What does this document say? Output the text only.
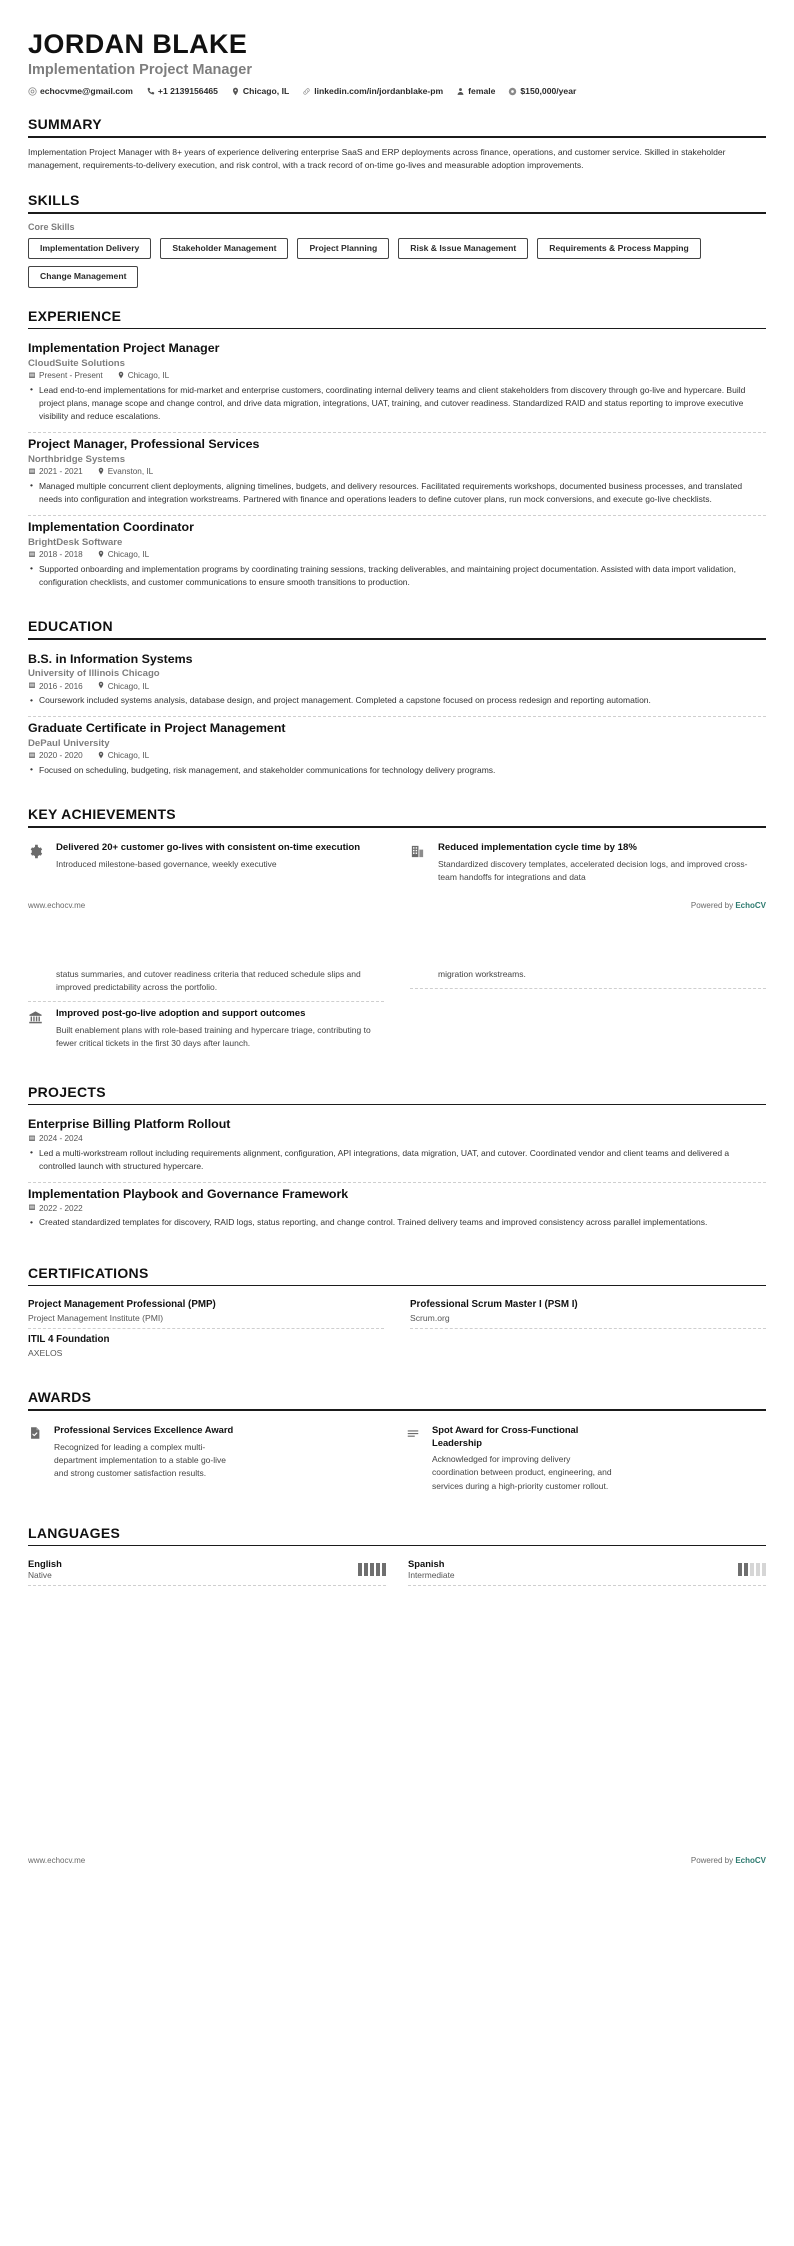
JORDAN BLAKE
Implementation Project Manager
echocvme@gmail.com	+1 2139156465	Chicago, IL	linkedin.com/in/jordanblake-pm	female	$150,000/year
SUMMARY
Implementation Project Manager with 8+ years of experience delivering enterprise SaaS and ERP deployments across finance, operations, and customer service. Skilled in stakeholder management, requirements-to-delivery execution, and risk control, with a track record of on-time go-lives and measurable adoption improvements.
SKILLS
Core Skills
Implementation Delivery	Stakeholder Management	Project Planning	Risk & Issue Management	Requirements & Process Mapping
Change Management
EXPERIENCE
Implementation Project Manager
CloudSuite Solutions
Present - Present	Chicago, IL
• Lead end-to-end implementations for mid-market and enterprise customers, coordinating internal delivery teams and client stakeholders from discovery through go-live and hypercare. Build project plans, manage scope and change control, and drive data migration, integrations, UAT, training, and cutover readiness. Standardized RAID and status reporting to improve executive visibility and reduce escalations.
Project Manager, Professional Services
Northbridge Systems
2021 - 2021	Evanston, IL
• Managed multiple concurrent client deployments, aligning timelines, budgets, and delivery resources. Facilitated requirements workshops, documented business processes, and translated needs into configuration and integration workstreams. Partnered with finance and operations leaders to define cutover plans, run mock conversions, and execute go-live checklists.
Implementation Coordinator
BrightDesk Software
2018 - 2018	Chicago, IL
• Supported onboarding and implementation programs by coordinating training sessions, tracking deliverables, and maintaining project documentation. Assisted with data import validation, configuration checklists, and customer communications to ensure smooth transitions to production.
EDUCATION
B.S. in Information Systems
University of Illinois Chicago
2016 - 2016	Chicago, IL
• Coursework included systems analysis, database design, and project management. Completed a capstone focused on process redesign and reporting automation.
Graduate Certificate in Project Management
DePaul University
2020 - 2020	Chicago, IL
• Focused on scheduling, budgeting, risk management, and stakeholder communications for technology delivery programs.
KEY ACHIEVEMENTS
Delivered 20+ customer go-lives with consistent on-time execution
Introduced milestone-based governance, weekly executive
Reduced implementation cycle time by 18%
Standardized discovery templates, accelerated decision logs, and improved cross-team handoffs for integrations and data
www.echocv.me	Powered by EchoCV
status summaries, and cutover readiness criteria that reduced schedule slips and improved predictability across the portfolio.
Improved post-go-live adoption and support outcomes
Built enablement plans with role-based training and hypercare triage, contributing to fewer critical tickets in the first 30 days after launch.
migration workstreams.
PROJECTS
Enterprise Billing Platform Rollout
2024 - 2024
• Led a multi-workstream rollout including requirements alignment, configuration, API integrations, data migration, UAT, and cutover. Coordinated vendor and client teams and delivered a controlled launch with structured hypercare.
Implementation Playbook and Governance Framework
2022 - 2022
• Created standardized templates for discovery, RAID logs, status reporting, and change control. Trained delivery teams and improved consistency across parallel implementations.
CERTIFICATIONS
Project Management Professional (PMP)
Project Management Institute (PMI)
Professional Scrum Master I (PSM I)
Scrum.org
ITIL 4 Foundation
AXELOS
AWARDS
Professional Services Excellence Award
Recognized for leading a complex multi-department implementation to a stable go-live and strong customer satisfaction results.
Spot Award for Cross-Functional Leadership
Acknowledged for improving delivery coordination between product, engineering, and services during a high-priority customer rollout.
LANGUAGES
English
Native
Spanish
Intermediate
www.echocv.me	Powered by EchoCV
